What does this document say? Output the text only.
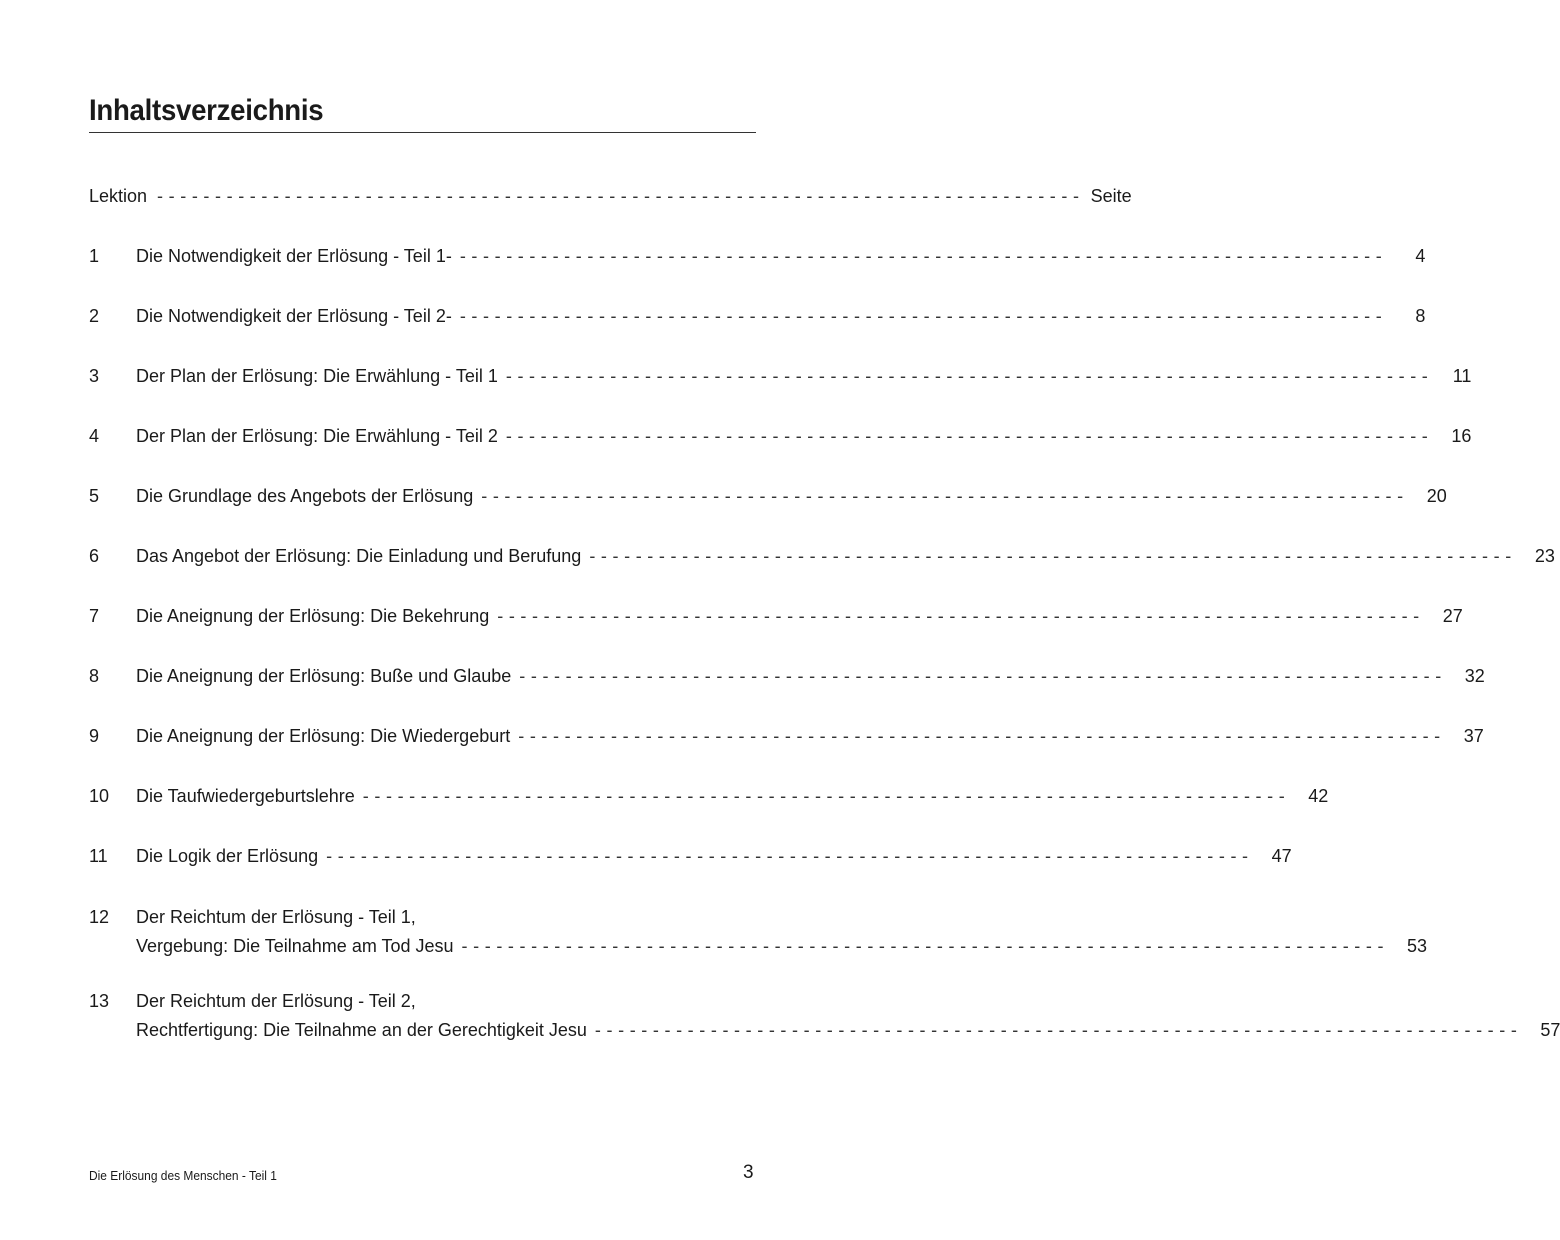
Inhaltsverzeichnis
Lektion -------------------------------------------------------------------------------- Seite
1	Die Notwendigkeit der Erlösung - Teil 1- --------------------------------------------------------------------------------	4
2	Die Notwendigkeit der Erlösung - Teil 2- --------------------------------------------------------------------------------	8
3	Der Plan der Erlösung: Die Erwählung - Teil 1 --------------------------------------------------------------------------------	11
4	Der Plan der Erlösung: Die Erwählung - Teil 2 -------------------------------------------------------------------------------- 16
5	Die Grundlage des Angebots der Erlösung -------------------------------------------------------------------------------- 20
6	Das Angebot der Erlösung: Die Einladung und Berufung -------------------------------------------------------------------------------- 23
7	Die Aneignung der Erlösung: Die Bekehrung -------------------------------------------------------------------------------- 27
8	Die Aneignung der Erlösung: Buße und Glaube -------------------------------------------------------------------------------- 32
9	Die Aneignung der Erlösung: Die Wiedergeburt -------------------------------------------------------------------------------- 37
10	Die Taufwiedergeburtslehre -------------------------------------------------------------------------------- 42
11	Die Logik der Erlösung -------------------------------------------------------------------------------- 47
12	Der Reichtum der Erlösung - Teil 1,
Vergebung: Die Teilnahme am Tod Jesu -------------------------------------------------------------------------------- 53
13	Der Reichtum der Erlösung - Teil 2,
Rechtfertigung: Die Teilnahme an der Gerechtigkeit Jesu -------------------------------------------------------------------------------- 57
Die Erlösung des Menschen - Teil 1	3
